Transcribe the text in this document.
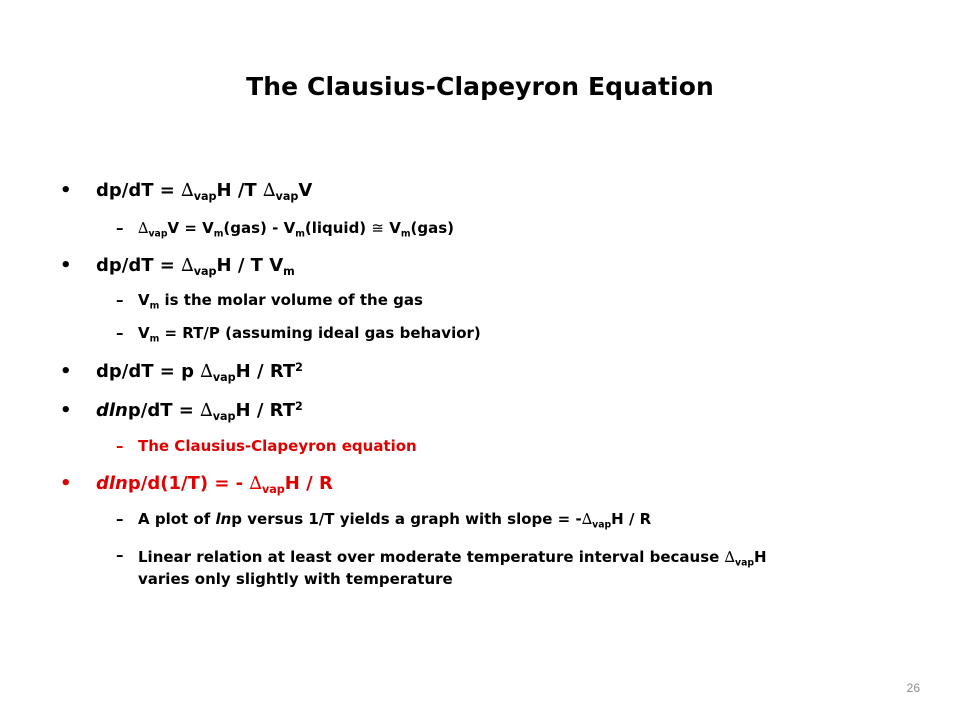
The Clausius-Clapeyron Equation
• $dp/dT = \Delta_{vap}H$ /T $\Delta_{vap}V$
– $\Delta_{vap}V = V_m(gas)$ - $V_m(liquid)$ ≅ $V_m(gas)$
• $dp/dT = \Delta_{vap}H / T$ $V_m$
– $V_m$ is the molar volume of the gas
– $V_m = RT/P$ (assuming ideal gas behavior)
• dp/dT = p $\Delta_{vap}H / RT^2$
• $dlnp/dT = \Delta_{vap}H / RT^2$
– The Clausius-Clapeyron equation
• dlnp/d(1/T) = - $\Delta_{vap}H$ / R
– A plot of lnp versus 1/T yields a graph with slope = $-\Delta_{vap}H$ / R
– Linear relation at least over moderate temperature interval because $\Delta_{vap}H$ varies only slightly with temperature
26
